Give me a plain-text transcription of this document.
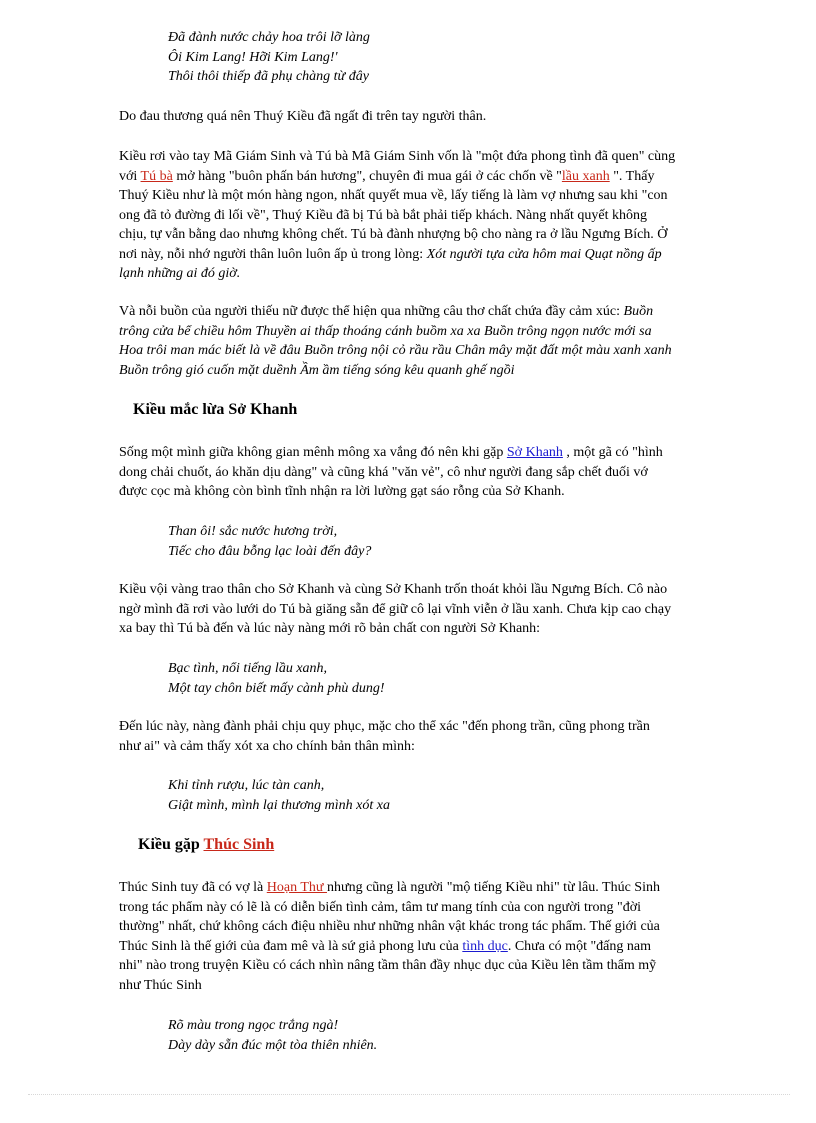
Đã đành nước chảy hoa trôi lỡ làng
Ôi Kim Lang! Hỡi Kim Lang!'
Thôi thôi thiếp đã phụ chàng từ đây
Do đau thương quá nên Thuý Kiều đã ngất đi trên tay người thân.
Kiều rơi vào tay Mã Giám Sinh và Tú bà Mã Giám Sinh vốn là "một đứa phong tình đã quen" cùng
với Tú bà mở hàng "buôn phấn bán hương", chuyên đi mua gái ở các chốn về "lầu xanh ". Thấy
Thuý Kiều như là một món hàng ngon, nhất quyết mua về, lấy tiếng là làm vợ nhưng sau khi "con
ong đã tỏ đường đi lối về", Thuý Kiều đã bị Tú bà bắt phải tiếp khách. Nàng nhất quyết không
chịu, tự vẫn bằng dao nhưng không chết. Tú bà đành nhượng bộ cho nàng ra ở lầu Ngưng Bích. Ở
nơi này, nỗi nhớ người thân luôn luôn ấp ủ trong lòng: Xót người tựa cửa hôm mai Quạt nồng ấp
lạnh những ai đó giờ.
Và nỗi buồn của người thiếu nữ được thể hiện qua những câu thơ chất chứa đầy cảm xúc: Buồn
trông cửa bể chiều hôm Thuyền ai thấp thoáng cánh buồm xa xa Buồn trông ngọn nước mới sa
Hoa trôi man mác biết là về đâu Buồn trông nội cỏ rầu rầu Chân mây mặt đất một màu xanh xanh
Buồn trông gió cuốn mặt duềnh Ầm ầm tiếng sóng kêu quanh ghế ngồi
Kiều mắc lừa Sở Khanh
Sống một mình giữa không gian mênh mông xa vắng đó nên khi gặp Sở Khanh , một gã có "hình
dong chải chuốt, áo khăn dịu dàng" và cũng khá "văn vẻ", cô như người đang sắp chết đuối vớ
được cọc mà không còn bình tĩnh nhận ra lời lường gạt sáo rỗng của Sở Khanh.
Than ôi! sắc nước hương trời,
Tiếc cho đâu bỗng lạc loài đến đây?
Kiều vội vàng trao thân cho Sở Khanh và cùng Sở Khanh trốn thoát khỏi lầu Ngưng Bích. Cô nào
ngờ mình đã rơi vào lưới do Tú bà giăng sẵn để giữ cô lại vĩnh viễn ở lầu xanh. Chưa kịp cao chạy
xa bay thì Tú bà đến và lúc này nàng mới rõ bản chất con người Sở Khanh:
Bạc tình, nổi tiếng lầu xanh,
Một tay chôn biết mấy cành phù dung!
Đến lúc này, nàng đành phải chịu quy phục, mặc cho thể xác "đến phong trần, cũng phong trần
như ai" và cảm thấy xót xa cho chính bản thân mình:
Khi tỉnh rượu, lúc tàn canh,
Giật mình, mình lại thương mình xót xa
Kiều gặp Thúc Sinh
Thúc Sinh tuy đã có vợ là Hoạn Thư nhưng cũng là người "mộ tiếng Kiều nhi" từ lâu. Thúc Sinh
trong tác phẩm này có lẽ là có diễn biến tình cảm, tâm tư mang tính của con người trong "đời
thường" nhất, chứ không cách điệu nhiều như những nhân vật khác trong tác phẩm. Thế giới của
Thúc Sinh là thế giới của đam mê và là sứ giả phong lưu của tình dục. Chưa có một "đấng nam
nhi" nào trong truyện Kiều có cách nhìn nâng tầm thân đầy nhục dục của Kiều lên tầm thẩm mỹ
như Thúc Sinh
Rõ màu trong ngọc trắng ngà!
Dày dày sẵn đúc một tòa thiên nhiên.
